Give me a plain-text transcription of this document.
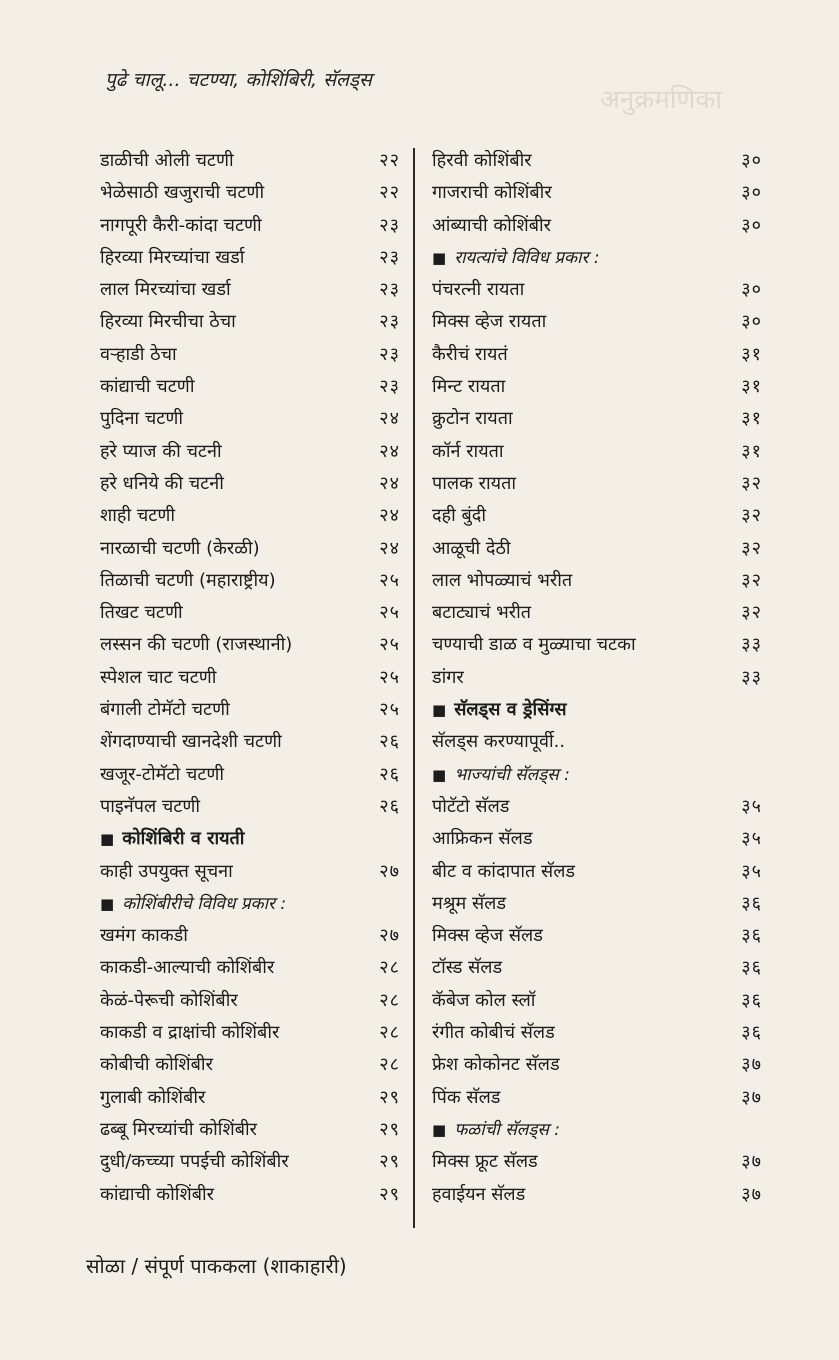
पुढे चालू... चटण्या, कोशिंबिरी, सॅलड्स
अनुक्रमणिका
डाळीची ओली चटणी	२२
भेळेसाठी खजुराची चटणी	२२
नागपूरी कैरी-कांदा चटणी	२३
हिरव्या मिरच्यांचा खर्डा	२३
लाल मिरच्यांचा खर्डा	२३
हिरव्या मिरचीचा ठेचा	२३
वऱ्हाडी ठेचा	२३
कांद्याची चटणी	२३
पुदिना चटणी	२४
हरे प्याज की चटनी	२४
हरे धनिये की चटनी	२४
शाही चटणी	२४
नारळाची चटणी (केरळी)	२४
तिळाची चटणी (महाराष्ट्रीय)	२५
तिखट चटणी	२५
लस्सन की चटणी (राजस्थानी)	२५
स्पेशल चाट चटणी	२५
बंगाली टोमॅटो चटणी	२५
शेंगदाण्याची खानदेशी चटणी	२६
खजूर-टोमॅटो चटणी	२६
पाइनॅपल चटणी	२६
■ कोशिंबिरी व रायती
काही उपयुक्त सूचना	२७
■ कोशिंबीरीचे विविध प्रकार :
खमंग काकडी	२७
काकडी-आल्याची कोशिंबीर	२८
केळं-पेरूची कोशिंबीर	२८
काकडी व द्राक्षांची कोशिंबीर	२८
कोबीची कोशिंबीर	२८
गुलाबी कोशिंबीर	२९
ढब्बू मिरच्यांची कोशिंबीर	२९
दुधी/कच्च्या पपईची कोशिंबीर	२९
कांद्याची कोशिंबीर	२९
हिरवी कोशिंबीर	३०
गाजराची कोशिंबीर	३०
आंब्याची कोशिंबीर	३०
■ रायत्यांचे विविध प्रकार :
पंचरत्नी रायता	३०
मिक्स व्हेज रायता	३०
कैरीचं रायतं	३१
मिन्ट रायता	३१
क्रुटोन रायता	३१
कॉर्न रायता	३१
पालक रायता	३२
दही बुंदी	३२
आळूची देठी	३२
लाल भोपळ्याचं भरीत	३२
बटाट्याचं भरीत	३२
चण्याची डाळ व मुळ्याचा चटका	३३
डांगर	३३
■ सॅलड्स व ड्रेसिंग्स
सॅलड्स करण्यापूर्वी..
■ भाज्यांची सॅलड्स :
पोटॅटो सॅलड	३५
आफ्रिकन सॅलड	३५
बीट व कांदापात सॅलड	३५
मश्रूम सॅलड	३६
मिक्स व्हेज सॅलड	३६
टॉस्ड सॅलड	३६
कॅबेज कोल स्लॉ	३६
रंगीत कोबीचं सॅलड	३६
फ्रेश कोकोनट सॅलड	३७
पिंक सॅलड	३७
■ फळांची सॅलड्स :
मिक्स फ्रूट सॅलड	३७
हवाईयन सॅलड	३७
सोळा / संपूर्ण पाककला (शाकाहारी)
